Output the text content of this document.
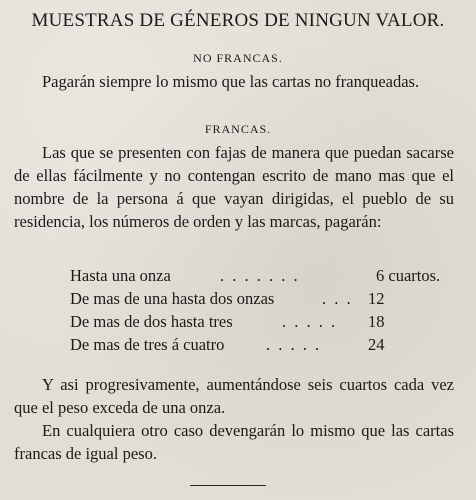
MUESTRAS DE GÉNEROS DE NINGUN VALOR.
NO FRANCAS.
Pagarán siempre lo mismo que las cartas no franqueadas.
FRANCAS.
Las que se presenten con fajas de manera que puedan sacarse de ellas fácilmente y no contengan escrito de mano mas que el nombre de la persona á que vayan dirigidas, el pueblo de su residencia, los números de orden y las marcas, pagarán:
Hasta una onza	. . . . . . .	6 cuartos.
De mas de una hasta dos onzas	. . . 12
De mas de dos hasta tres	. . . . . 18
De mas de tres á cuatro	. . . . .	24
Y asi progresivamente, aumentándose seis cuartos cada vez que el peso exceda de una onza.
En cualquiera otro caso devengarán lo mismo que las cartas francas de igual peso.
